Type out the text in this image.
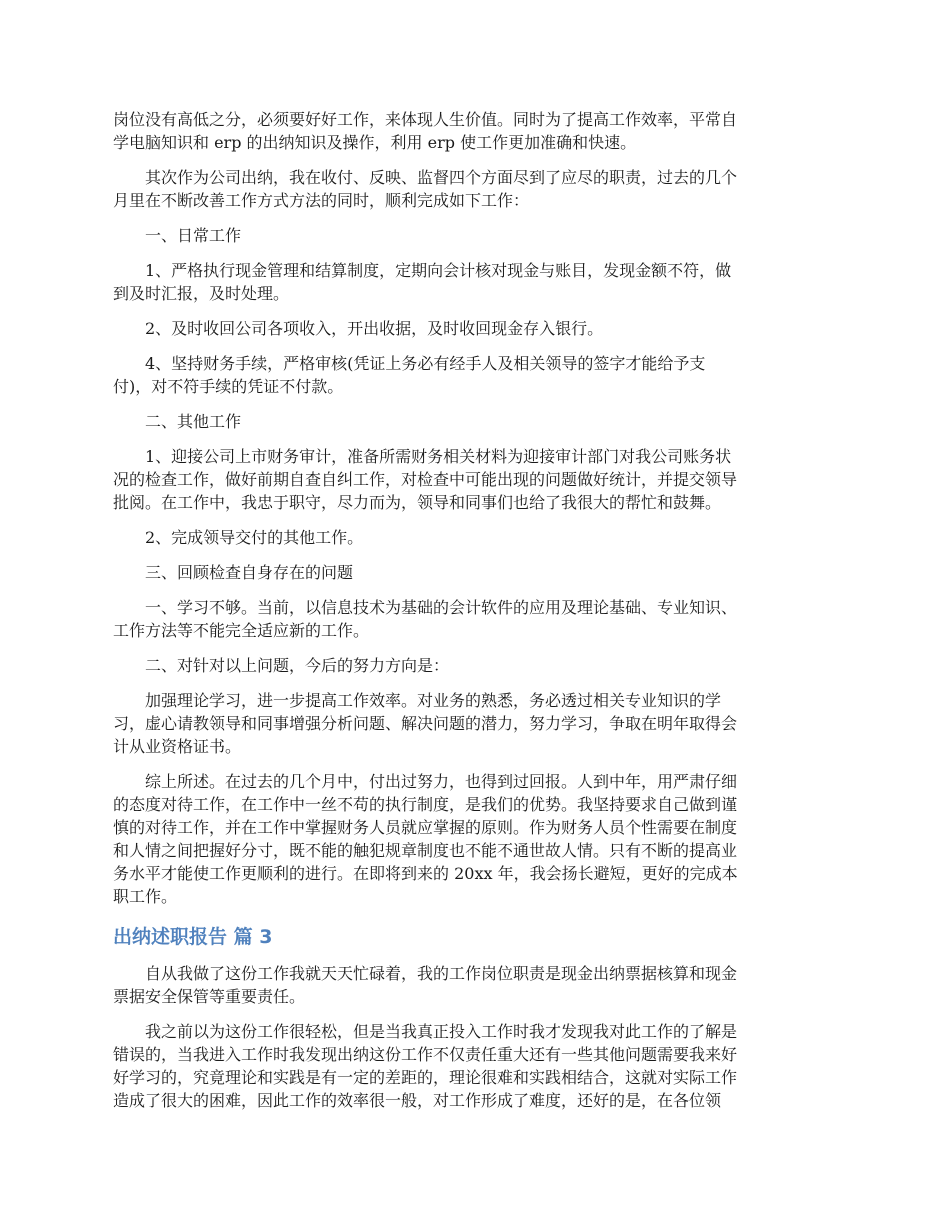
岗位没有高低之分，必须要好好工作，来体现人生价值。同时为了提高工作效率，平常自
学电脑知识和 erp 的出纳知识及操作，利用 erp 使工作更加准确和快速。

其次作为公司出纳，我在收付、反映、监督四个方面尽到了应尽的职责，过去的几个
月里在不断改善工作方式方法的同时，顺利完成如下工作：

一、日常工作

1、严格执行现金管理和结算制度，定期向会计核对现金与账目，发现金额不符，做
到及时汇报，及时处理。

2、及时收回公司各项收入，开出收据，及时收回现金存入银行。

4、坚持财务手续，严格审核(凭证上务必有经手人及相关领导的签字才能给予支
付)，对不符手续的凭证不付款。

二、其他工作

1、迎接公司上市财务审计，准备所需财务相关材料为迎接审计部门对我公司账务状
况的检查工作，做好前期自查自纠工作，对检查中可能出现的问题做好统计，并提交领导
批阅。在工作中，我忠于职守，尽力而为，领导和同事们也给了我很大的帮忙和鼓舞。

2、完成领导交付的其他工作。

三、回顾检查自身存在的问题

一、学习不够。当前，以信息技术为基础的会计软件的应用及理论基础、专业知识、
工作方法等不能完全适应新的工作。

二、对针对以上问题，今后的努力方向是：

加强理论学习，进一步提高工作效率。对业务的熟悉，务必透过相关专业知识的学
习，虚心请教领导和同事增强分析问题、解决问题的潜力，努力学习，争取在明年取得会
计从业资格证书。

综上所述。在过去的几个月中，付出过努力，也得到过回报。人到中年，用严肃仔细
的态度对待工作，在工作中一丝不苟的执行制度，是我们的优势。我坚持要求自己做到谨
慎的对待工作，并在工作中掌握财务人员就应掌握的原则。作为财务人员个性需要在制度
和人情之间把握好分寸，既不能的触犯规章制度也不能不通世故人情。只有不断的提高业
务水平才能使工作更顺利的进行。在即将到来的 20xx 年，我会扬长避短，更好的完成本
职工作。

出纳述职报告 篇 3

自从我做了这份工作我就天天忙碌着，我的工作岗位职责是现金出纳票据核算和现金
票据安全保管等重要责任。

我之前以为这份工作很轻松，但是当我真正投入工作时我才发现我对此工作的了解是
错误的，当我进入工作时我发现出纳这份工作不仅责任重大还有一些其他问题需要我来好
好学习的，究竟理论和实践是有一定的差距的，理论很难和实践相结合，这就对实际工作
造成了很大的困难，因此工作的效率很一般，对工作形成了难度，还好的是，在各位领
